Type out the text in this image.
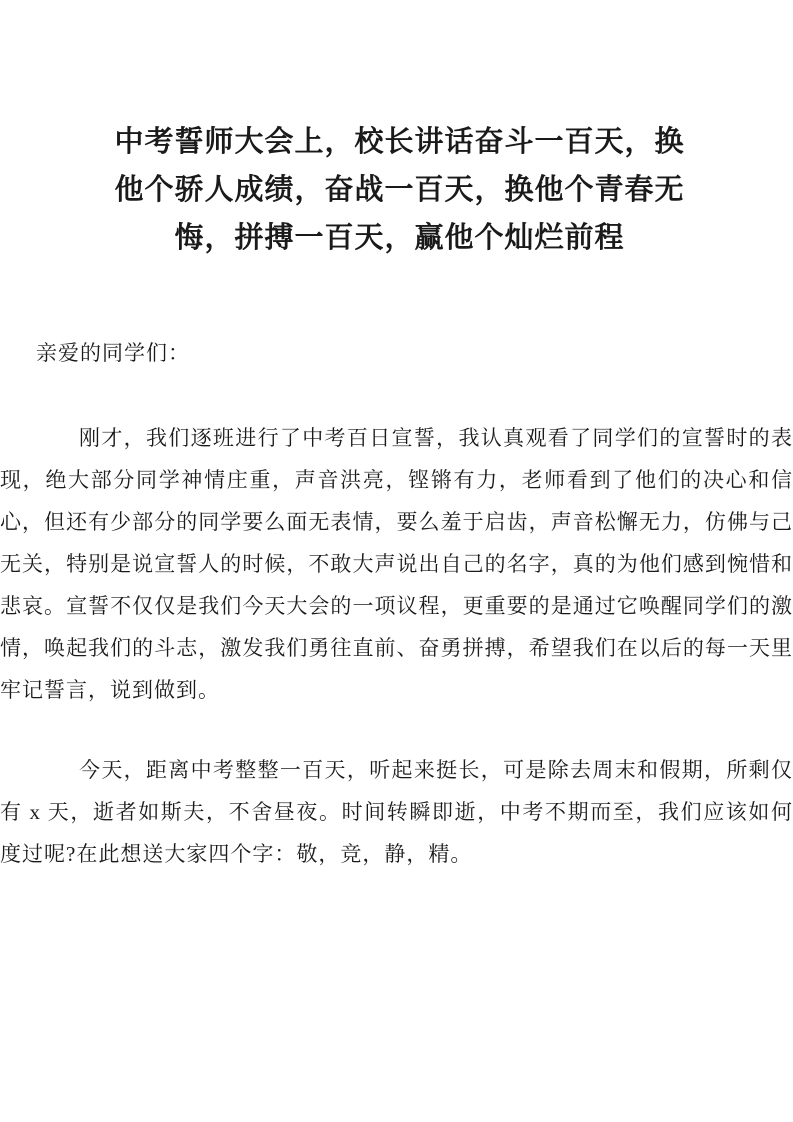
中考誓师大会上，校长讲话奋斗一百天，换
他个骄人成绩，奋战一百天，换他个青春无
悔，拼搏一百天，赢他个灿烂前程

亲爱的同学们：

刚才，我们逐班进行了中考百日宣誓，我认真观看了同学们的宣誓时的表现，绝大部分同学神情庄重，声音洪亮，铿锵有力，老师看到了他们的决心和信心，但还有少部分的同学要么面无表情，要么羞于启齿，声音松懈无力，仿佛与己无关，特别是说宣誓人的时候，不敢大声说出自己的名字，真的为他们感到惋惜和悲哀。宣誓不仅仅是我们今天大会的一项议程，更重要的是通过它唤醒同学们的激情，唤起我们的斗志，激发我们勇往直前、奋勇拼搏，希望我们在以后的每一天里牢记誓言，说到做到。

今天，距离中考整整一百天，听起来挺长，可是除去周末和假期，所剩仅有 x 天，逝者如斯夫，不舍昼夜。时间转瞬即逝，中考不期而至，我们应该如何度过呢?在此想送大家四个字：敬，竞，静，精。
